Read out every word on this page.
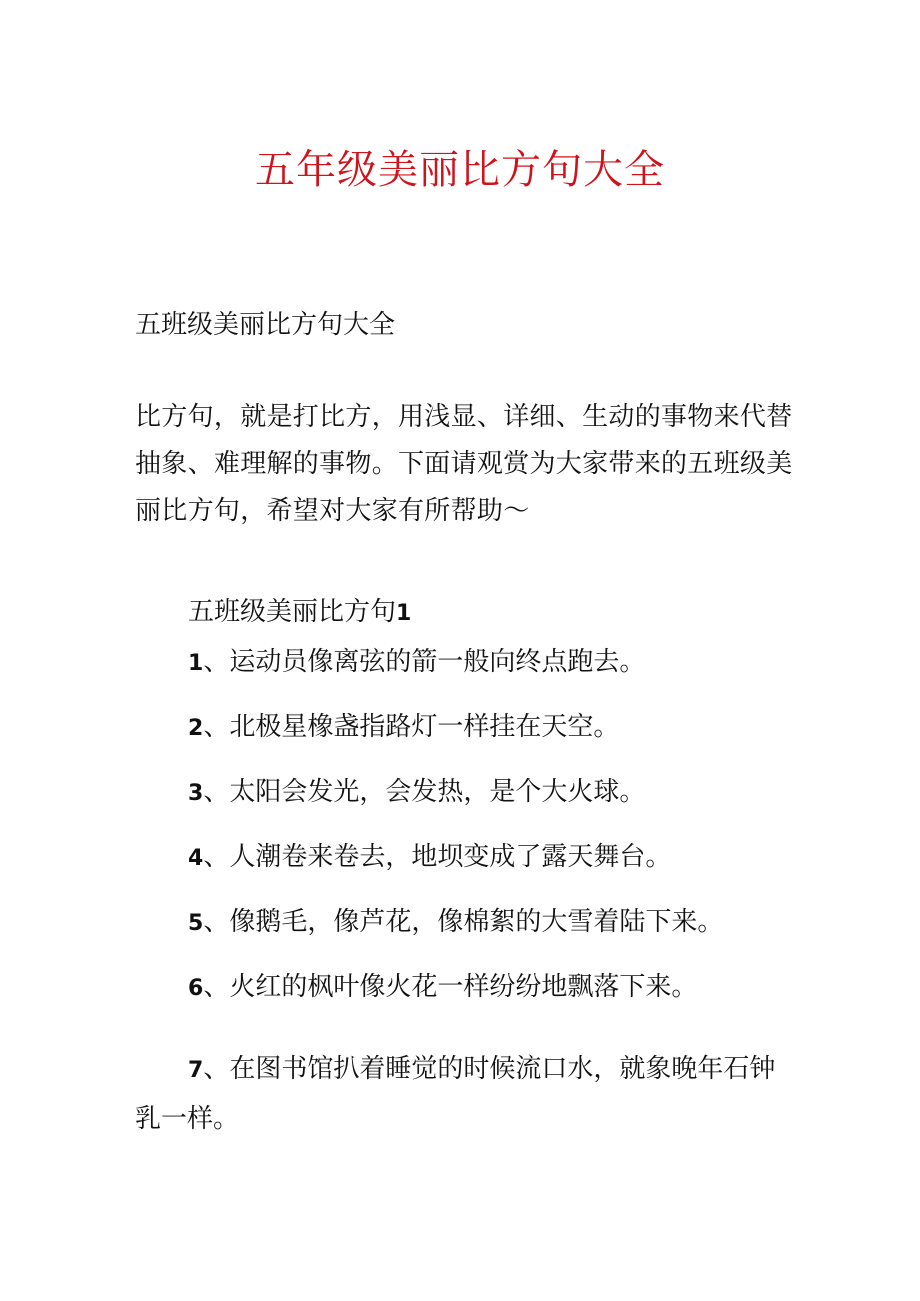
五年级美丽比方句大全

五班级美丽比方句大全

比方句，就是打比方，用浅显、详细、生动的事物来代替抽象、难理解的事物。下面请观赏为大家带来的五班级美丽比方句，希望对大家有所帮助～

五班级美丽比方句1

1、运动员像离弦的箭一般向终点跑去。
2、北极星橡盏指路灯一样挂在天空。
3、太阳会发光，会发热，是个大火球。
4、人潮卷来卷去，地坝变成了露天舞台。
5、像鹅毛，像芦花，像棉絮的大雪着陆下来。
6、火红的枫叶像火花一样纷纷地飘落下来。

7、在图书馆扒着睡觉的时候流口水，就象晚年石钟乳一样。
